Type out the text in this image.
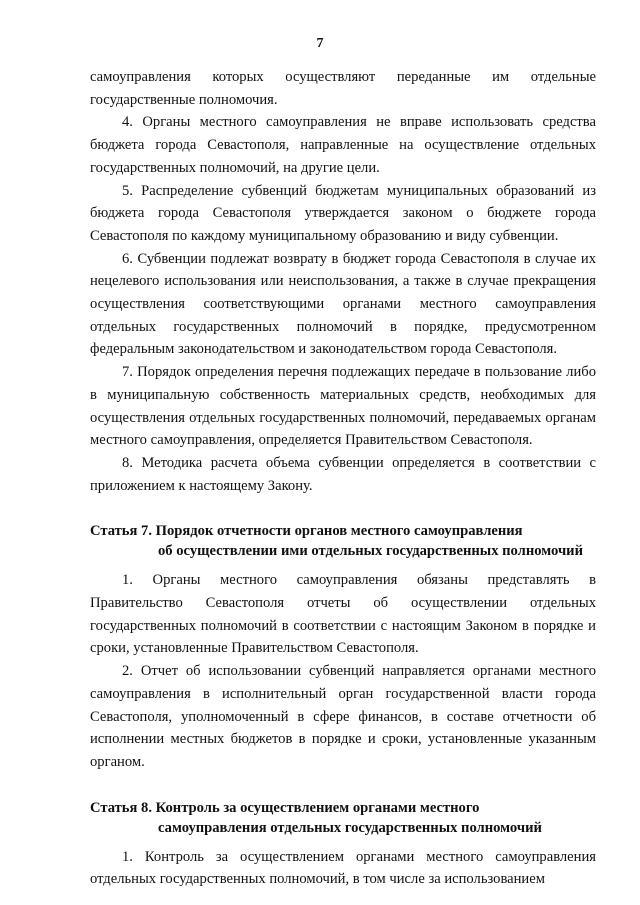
7

самоуправления которых осуществляют переданные им отдельные государственные полномочия.

4. Органы местного самоуправления не вправе использовать средства бюджета города Севастополя, направленные на осуществление отдельных государственных полномочий, на другие цели.

5. Распределение субвенций бюджетам муниципальных образований из бюджета города Севастополя утверждается законом о бюджете города Севастополя по каждому муниципальному образованию и виду субвенции.

6. Субвенции подлежат возврату в бюджет города Севастополя в случае их нецелевого использования или неиспользования, а также в случае прекращения осуществления соответствующими органами местного самоуправления отдельных государственных полномочий в порядке, предусмотренном федеральным законодательством и законодательством города Севастополя.

7. Порядок определения перечня подлежащих передаче в пользование либо в муниципальную собственность материальных средств, необходимых для осуществления отдельных государственных полномочий, передаваемых органам местного самоуправления, определяется Правительством Севастополя.

8. Методика расчета объема субвенции определяется в соответствии с приложением к настоящему Закону.

Статья 7. Порядок отчетности органов местного самоуправления
об осуществлении ими отдельных государственных полномочий

1. Органы местного самоуправления обязаны представлять в Правительство Севастополя отчеты об осуществлении отдельных государственных полномочий в соответствии с настоящим Законом в порядке и сроки, установленные Правительством Севастополя.

2. Отчет об использовании субвенций направляется органами местного самоуправления в исполнительный орган государственной власти города Севастополя, уполномоченный в сфере финансов, в составе отчетности об исполнении местных бюджетов в порядке и сроки, установленные указанным органом.

Статья 8. Контроль за осуществлением органами местного
самоуправления отдельных государственных полномочий

1. Контроль за осуществлением органами местного самоуправления отдельных государственных полномочий, в том числе за использованием
